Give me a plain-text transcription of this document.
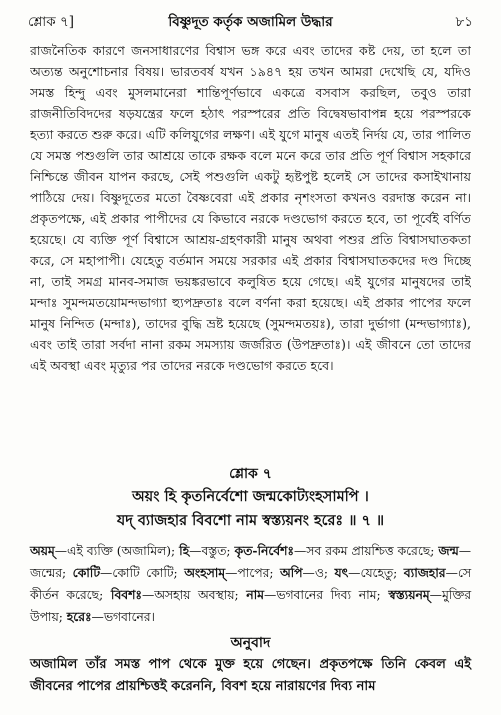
শ্লোক ৭]	বিষ্ণুদূত কর্তৃক অজামিল উদ্ধার	৮১

রাজনৈতিক কারণে জনসাধারণের বিশ্বাস ভঙ্গ করে এবং তাদের কষ্ট দেয়, তা হলে তা অত্যন্ত অনুশোচনার বিষয়। ভারতবর্ষ যখন ১৯৪৭ হয় তখন আমরা দেখেছি যে, যদিও সমস্ত হিন্দু এবং মুসলমানেরা শান্তিপূর্ণভাবে একত্রে বসবাস করছিল, তবুও তারা রাজনীতিবিদদের ষড়যন্ত্রের ফলে হঠাৎ পরস্পরের প্রতি বিদ্বেষভাবাপন্ন হয়ে পরস্পরকে হত্যা করতে শুরু করে। এটি কলিযুগের লক্ষণ। এই যুগে মানুষ এতই নির্দয় যে, তার পালিত যে সমস্ত পশুগুলি তার আশ্রয়ে তাকে রক্ষক বলে মনে করে তার প্রতি পূর্ণ বিশ্বাস সহকারে নিশ্চিন্তে জীবন যাপন করছে, সেই পশুগুলি একটু হৃষ্টপুষ্ট হলেই সে তাদের কসাইখানায় পাঠিয়ে দেয়। বিষ্ণুদূতের মতো বৈষ্ণবেরা এই প্রকার নৃশংসতা কখনও বরদাস্ত করেন না। প্রকৃতপক্ষে, এই প্রকার পাপীদের যে কিভাবে নরকে দণ্ডভোগ করতে হবে, তা পূর্বেই বর্ণিত হয়েছে। যে ব্যক্তি পূর্ণ বিশ্বাসে আশ্রয়-গ্রহণকারী মানুষ অথবা পশুর প্রতি বিশ্বাসঘাতকতা করে, সে মহাপাপী। যেহেতু বর্তমান সময়ে সরকার এই প্রকার বিশ্বাসঘাতকদের দণ্ড দিচ্ছে না, তাই সমগ্র মানব-সমাজ ভয়ঙ্করভাবে কলুষিত হয়ে গেছে। এই যুগের মানুষদের তাই মন্দাঃ সুমন্দমতয়োমন্দভাগ্যা হ্যুপদ্রুতাঃ বলে বর্ণনা করা হয়েছে। এই প্রকার পাপের ফলে মানুষ নিন্দিত (মন্দাঃ), তাদের বুদ্ধি ভ্রষ্ট হয়েছে (সুমন্দমতয়ঃ), তারা দুর্ভাগা (মন্দভাগ্যাঃ), এবং তাই তারা সর্বদা নানা রকম সমস্যায় জর্জরিত (উপদ্রুতাঃ)। এই জীবনে তো তাদের এই অবস্থা এবং মৃত্যুর পর তাদের নরকে দণ্ডভোগ করতে হবে।

শ্লোক ৭
অয়ং হি কৃতনির্বেশো জন্মকোট্যংহসামপি ।
যদ্ ব্যাজহার বিবশো নাম স্বস্ত্যয়নং হরেঃ ॥ ৭ ॥

অয়ম্—এই ব্যক্তি (অজামিল); হি—বস্তুত; কৃত-নির্বেশঃ—সব রকম প্রায়শ্চিত্ত করেছে; জন্ম—জন্মের; কোটি—কোটি কোটি; অংহসাম্—পাপের; অপি—ও; যৎ—যেহেতু; ব্যাজহার—সে কীর্তন করেছে; বিবশঃ—অসহায় অবস্থায়; নাম—ভগবানের দিব্য নাম; স্বস্ত্যয়নম্—মুক্তির উপায়; হরেঃ—ভগবানের।

অনুবাদ

অজামিল তাঁর সমস্ত পাপ থেকে মুক্ত হয়ে গেছেন। প্রকৃতপক্ষে তিনি কেবল এই জীবনের পাপের প্রায়শ্চিত্তই করেননি, বিবশ হয়ে নারায়ণের দিব্য নাম
